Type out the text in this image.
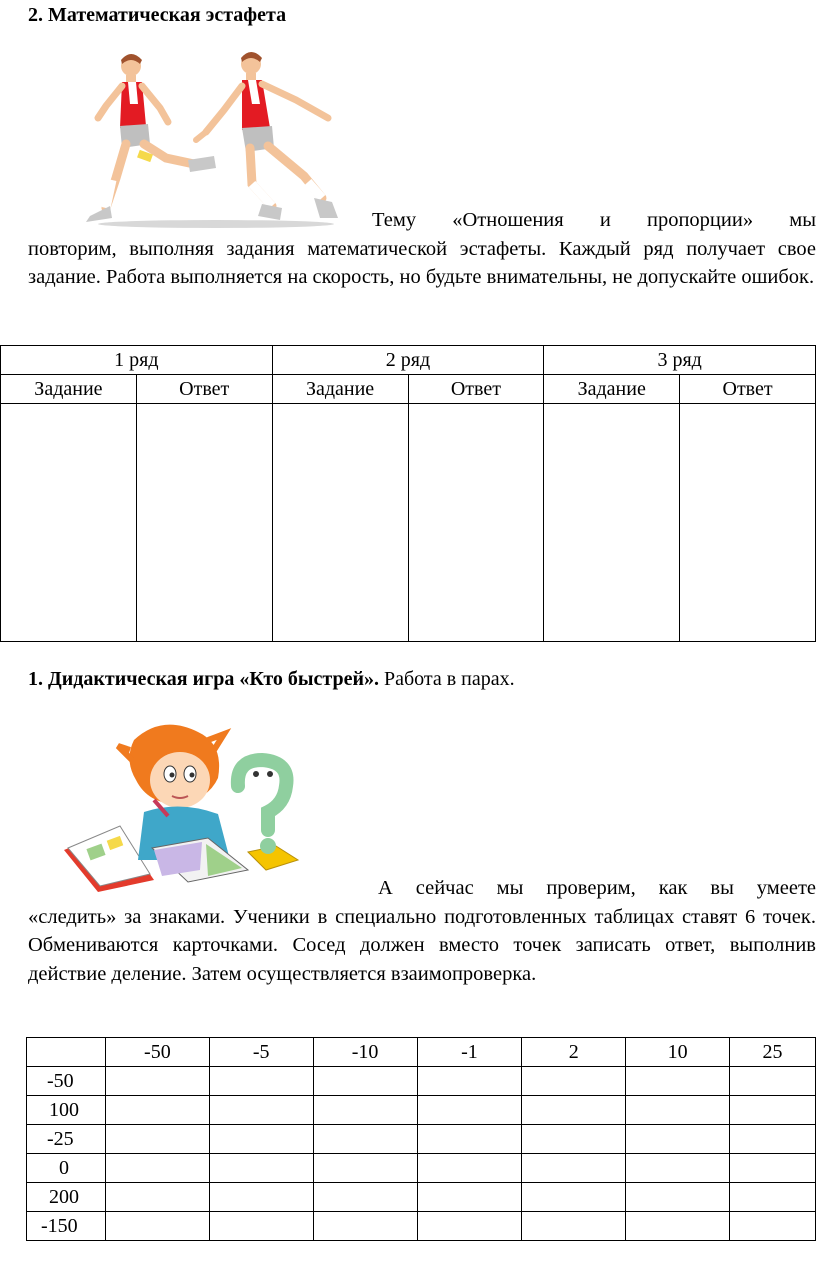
2. Математическая эстафета
Тему «Отношения и пропорции» мы
повторим, выполняя задания математической эстафеты. Каждый ряд получает свое задание. Работа выполняется на скорость, но будьте внимательны, не допускайте ошибок.
1 ряд		2 ряд		3 ряд	
Задание	Ответ	Задание	Ответ	Задание	Ответ

1. Дидактическая игра «Кто быстрей». Работа в парах.
А сейчас мы проверим, как вы умеете
«следить» за знаками. Ученики в специально подготовленных таблицах ставят 6 точек. Обмениваются карточками. Сосед должен вместо точек записать ответ, выполнив действие деление. Затем осуществляется взаимопроверка.
	-50	-5	-10	-1	2	10	25
-50							
100							
-25							
0							
200							
-150							
